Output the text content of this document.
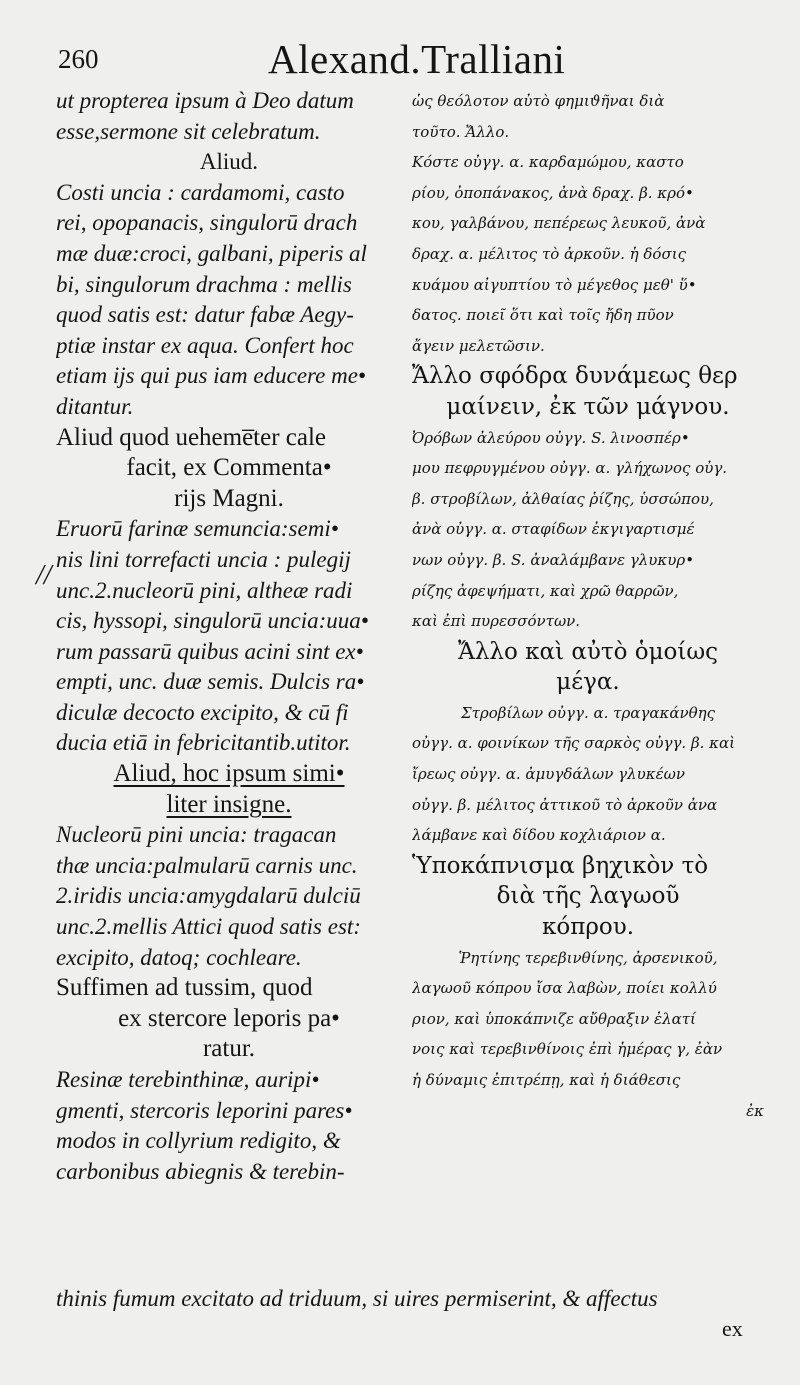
260	Alexand.Tralliani
//
ut propterea ipsum à Deo datum
esse,sermone sit celebratum.
Aliud.
Costi uncia : cardamomi, casto
rei, opopanacis, singulorū drach
mæ duæ:croci, galbani, piperis al
bi, singulorum drachma : mellis
quod satis est: datur fabæ Aegy-
ptiæ instar ex aqua. Confert hoc
etiam ijs qui pus iam educere me•
ditantur.
Aliud quod ueheme̅ter cale
facit, ex Commenta•
rijs Magni.
Eruorū farinæ semuncia:semi•
nis lini torrefacti uncia : pulegij
unc.2.nucleorū pini, altheæ radi
cis, hyssopi, singulorū uncia:uua•
rum passarū quibus acini sint ex•
empti, unc. duæ semis. Dulcis ra•
diculæ decocto excipito, & cū fi
ducia etiā in febricitantib.utitor.
Aliud, hoc ipsum simi•
liter insigne.
Nucleorū pini uncia: tragacan
thæ uncia:palmularū carnis unc.
2.iridis uncia:amygdalarū dulciū
unc.2.mellis Attici quod satis est:
excipito, datoq; cochleare.
Suffimen ad tussim, quod
ex stercore leporis pa•
ratur.
Resinæ terebinthinæ, auripi•
gmenti, stercoris leporini pares•
modos in collyrium redigito, &
carbonibus abiegnis & terebin-
ὡς θεόλοτον αὐτὸ φημιϑῆναι διὰ
τοῦτο. Ἄλλο.
Κόστε οὐγγ. α. καρδαμώμου, καστο
ρίου, ὀποπάνακος, ἀνὰ δραχ. β. κρό•
κου, γαλβάνου, πεπέρεως λευκοῦ, ἀνὰ
δραχ. α. μέλιτος τὸ ἀρκοῦν. ἡ δόσις
κυάμου αἰγυπτίου τὸ μέγεθος μεθ' ὕ•
δατος. ποιεῖ ὅτι καὶ τοῖς ἤδη πῦον
ἄγειν μελετῶσιν.
Ἄλλο σφόδρα δυνάμεως θερ
μαίνειν, ἐκ τῶν μάγνου.
Ὀρόβων ἀλεύρου οὐγγ. S. λινοσπέρ•
μου πεφρυγμένου οὐγγ. α. γλήχωνος οὐγ.
β. στροβίλων, ἀλθαίας ῥίζης, ὑσσώπου,
ἀνὰ οὐγγ. α. σταφίδων ἐκγιγαρτισμέ
νων οὐγγ. β. S. ἀναλάμβανε γλυκυρ•
ρίζης ἀφεψήματι, καὶ χρῶ θαρρῶν,
καὶ ἐπὶ πυρεσσόντων.
Ἄλλο καὶ αὐτὸ ὁμοίως
μέγα.
Στροβίλων οὐγγ. α. τραγακάνθης
οὐγγ. α. φοινίκων τῆς σαρκὸς οὐγγ. β. καὶ
ἴρεως οὐγγ. α. ἀμυγδάλων γλυκέων
οὐγγ. β. μέλιτος ἀττικοῦ τὸ ἀρκοῦν ἀνα
λάμβανε καὶ δίδου κοχλιάριον α.
Ὑποκάπνισμα βηχικὸν τὸ
διὰ τῆς λαγωοῦ
κόπρου.
Ῥητίνης τερεβινθίνης, ἀρσενικοῦ,
λαγωοῦ κόπρου ἴσα λαβὼν, ποίει κολλύ
ριον, καὶ ὑποκάπνιζε αὔθραξιν ἐλατί
νοις καὶ τερεβινθίνοις ἐπὶ ἡμέρας γ, ἐὰν
ἡ δύναμις ἐπιτρέπῃ, καὶ ἡ διάθεσις
ἐκ
thinis fumum excitato ad triduum, si uires permiserint, & affectus
ex
